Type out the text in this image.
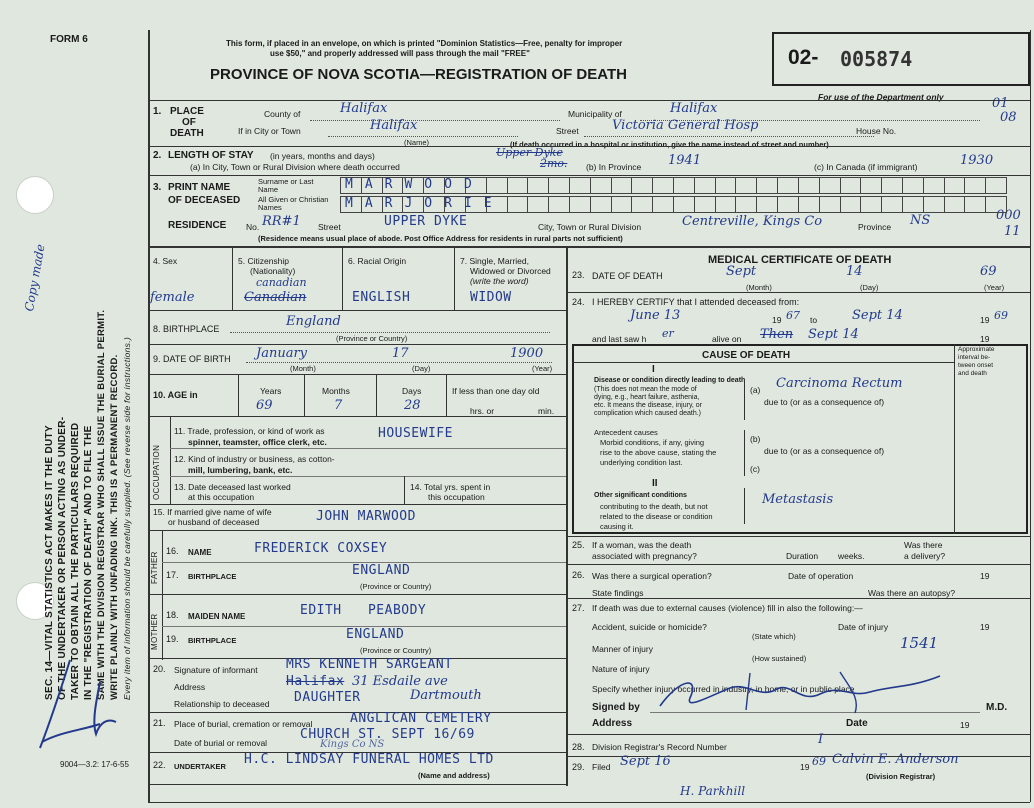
FORM 6
SEC. 14—VITAL STATISTICS ACT MAKES IT THE DUTY OF THE UNDERTAKER OR PERSON ACTING AS UNDER- TAKER TO OBTAIN ALL THE PARTICULARS REQUIRED IN THE "REGISTRATION OF DEATH" AND TO FILE THE SAME WITH THE DIVISION REGISTRAR WHO SHALL ISSUE THE BURIAL PERMIT. WRITE PLAINLY WITH UNFADING INK. THIS IS A PERMANENT RECORD. Every item of information should be carefully supplied. (See reverse side for instructions.)
Copy made
This form, if placed in an envelope, on which is printed "Dominion Statistics—Free, penalty for improper
use $50," and properly addressed will pass through the mail "FREE"
PROVINCE OF NOVA SCOTIA—REGISTRATION OF DEATH
02- 005874
For use of the Department only	01
08
000
11
1. PLACE
OF
DEATH
County of	Halifax	Municipality of	Halifax
If in City or Town	Halifax	Street	Victoria General Hosp	House No.
(Name)	(If death occurred in a hospital or institution, give the name instead of street and number)
2. LENGTH OF STAY (in years, months and days)
(a) In City, Town or Rural Division where death occurred
Upper Dyke
2mo. (b) In Province 1941	(c) In Canada (if immigrant)	1930
3. PRINT NAME
OF DECEASED
Surname or Last Name
All Given or Christian Names
MARWOOD
MARJORIE
RESIDENCE No. RR#1 Street	UPPER DYKE	City, Town or Rural Division	Centreville, Kings Co	Province NS
(Residence means usual place of abode. Post Office Address for residents in rural parts not sufficient)
4. Sex
female
5. Citizenship
(Nationality)
canadian
Canadian
6. Racial Origin
ENGLISH
7. Single, Married,
Widowed or Divorced
(write the word)
WIDOW
8. BIRTHPLACE	England
(Province or Country)
9. DATE OF BIRTH January	17	1900
(Month)	(Day)	(Year)
10. AGE in	Years	Months	Days
69	7	28
If less than one day old
hrs. or	min.
OCCUPATION
11. Trade, profession, or kind of work as
spinner, teamster, office clerk, etc.
HOUSEWIFE
12. Kind of industry or business, as cotton-
mill, lumbering, bank, etc.
13. Date deceased last worked
at this occupation
14. Total yrs. spent in
this occupation
15. If married give name of wife
or husband of deceased	JOHN MARWOOD
FATHER
16. NAME	FREDERICK COXSEY
17. BIRTHPLACE	ENGLAND
(Province or Country)
MOTHER 18. MAIDEN NAME	EDITH PEABODY
19. BIRTHPLACE	ENGLAND
(Province or Country)
20. Signature of informant MRS KENNETH SARGEANT
Address	Halifax 31 Esdaile ave
Relationship to deceased DAUGHTER	Dartmouth
21. Place of burial, cremation or removal	ANGLICAN CEMETERY
Date of burial or removal
CHURCH ST. SEPT 16/69
Kings Co NS
22. UNDERTAKER H.C. LINDSAY FUNERAL HOMES LTD
(Name and address)
MEDICAL CERTIFICATE OF DEATH
23. DATE OF DEATH	Sept	14	69
(Month)	(Day)	(Year)
24. I HEREBY CERTIFY that I attended deceased from:
June 13	19 67 to	Sept 14	19 69
and last saw h er	alive on Then Sept 14	19
CAUSE OF DEATH
Approximate
interval be-
tween onset
and death
I
Disease or condition directly leading to death
(This does not mean the mode of
dying, e.g., heart failure, asthenia,
etc. It means the disease, injury, or
complication which caused death.)
(a) Carcinoma Rectum
due to (or as a consequence of)
Antecedent causes
Morbid conditions, if any, giving
rise to the above cause, stating the
underlying condition last.
(b)
due to (or as a consequence of)
(c)
II
Other significant conditions
contributing to the death, but not
related to the disease or condition
causing it.
Metastasis
25. If a woman, was the death
associated with pregnancy?	Duration weeks.
Was there
a delivery?
26. Was there a surgical operation?	Date of operation	19
State findings	Was there an autopsy?
27. If death was due to external causes (violence) fill in also the following:—
Accident, suicide or homicide?	Date of injury	19
(State which)
Manner of injury	1541
(How sustained)
Nature of injury
Specify whether injury occurred in industry, in home, or in public place
Signed by	M.D.
Address	Date	19
28. Division Registrar's Record Number	I
29. Filed Sept 16	19 69 Calvin E. Anderson
(Division Registrar)
H. Parkhill
9004—3.2: 17-6-55
